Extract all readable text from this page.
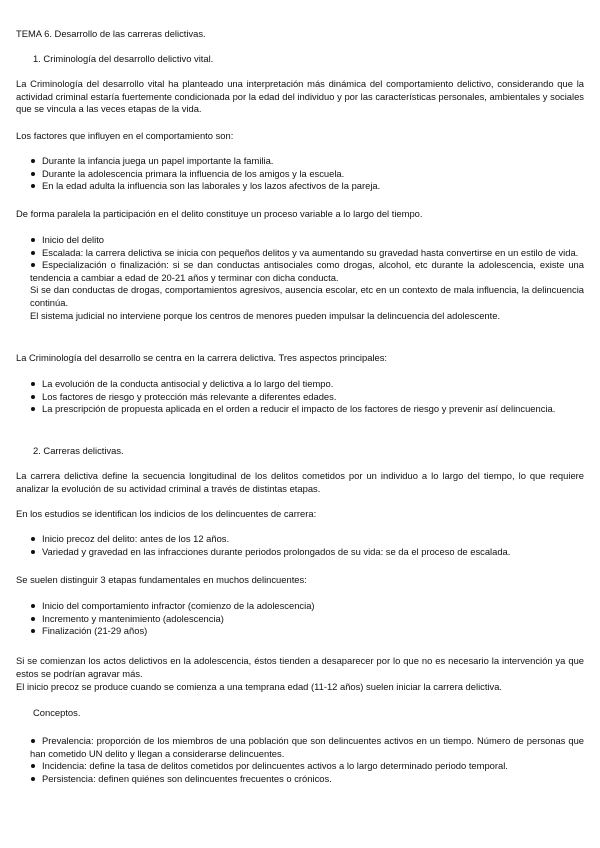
TEMA 6. Desarrollo de las carreras delictivas.
1. Criminología del desarrollo delictivo vital.
La Criminología del desarrollo vital ha planteado una interpretación más dinámica del comportamiento delictivo, considerando que la actividad criminal estaría fuertemente condicionada por la edad del individuo y por las características personales, ambientales y sociales que se vincula a las veces etapas de la vida.
Los factores que influyen en el comportamiento son:
Durante la infancia juega un papel importante la familia.
Durante la adolescencia primara la influencia de los amigos y la escuela.
En la edad adulta la influencia son las laborales y los lazos afectivos de la pareja.
De forma paralela la participación en el delito constituye un proceso variable a lo largo del tiempo.
Inicio del delito
Escalada: la carrera delictiva se inicia con pequeños delitos y va aumentando su gravedad hasta convertirse en un estilo de vida.
Especialización o finalización: si se dan conductas antisociales como drogas, alcohol, etc durante la adolescencia, existe una tendencia a cambiar a edad de 20-21 años y terminar con dicha conducta.
Si se dan conductas de drogas, comportamientos agresivos, ausencia escolar, etc en un contexto de mala influencia, la delincuencia continúa.
El sistema judicial no interviene porque los centros de menores pueden impulsar la delincuencia del adolescente.
La Criminología del desarrollo se centra en la carrera delictiva. Tres aspectos principales:
La evolución de la conducta antisocial y delictiva a lo largo del tiempo.
Los factores de riesgo y protección más relevante a diferentes edades.
La prescripción de propuesta aplicada en el orden a reducir el impacto de los factores de riesgo y prevenir así delincuencia.
2. Carreras delictivas.
La carrera delictiva define la secuencia longitudinal de los delitos cometidos por un individuo a lo largo del tiempo, lo que requiere analizar la evolución de su actividad criminal a través de distintas etapas.
En los estudios se identifican los indicios de los delincuentes de carrera:
Inicio precoz del delito: antes de los 12 años.
Variedad y gravedad en las infracciones durante periodos prolongados de su vida: se da el proceso de escalada.
Se suelen distinguir 3 etapas fundamentales en muchos delincuentes:
Inicio del comportamiento infractor (comienzo de la adolescencia)
Incremento y mantenimiento (adolescencia)
Finalización (21-29 años)
Si se comienzan los actos delictivos en la adolescencia, éstos tienden a desaparecer por lo que no es necesario la intervención ya que estos se podrían agravar más.
El inicio precoz se produce cuando se comienza a una temprana edad (11-12 años) suelen iniciar la carrera delictiva.
Conceptos.
Prevalencia: proporción de los miembros de una población que son delincuentes activos en un tiempo. Número de personas que han cometido UN delito y llegan a considerarse delincuentes.
Incidencia: define la tasa de delitos cometidos por delincuentes activos a lo largo determinado periodo temporal.
Persistencia: definen quiénes son delincuentes frecuentes o crónicos.
